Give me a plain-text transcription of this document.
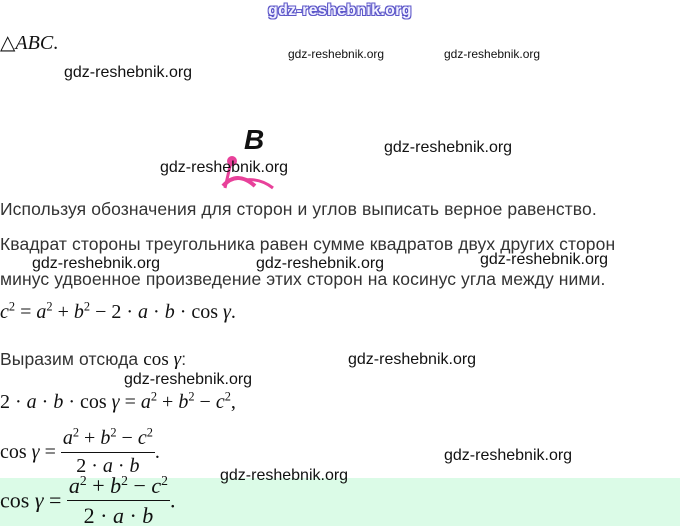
gdz-reshebnik.org
△ABC.
B
Используя обозначения для сторон и углов выписать верное равенство.
Квадрат стороны треугольника равен сумме квадратов двух других сторон
минус удвоенное произведение этих сторон на косинус угла между ними.
$c^2 = a^2 + b^2 - 2 \cdot a \cdot b \cdot \cos \gamma$.
Выразим отсюда cos γ:
$2 \cdot a \cdot b \cdot \cos \gamma = a^2 + b^2 - c^2$,
$\cos \gamma = \frac{a^2 + b^2 - c^2}{2 \cdot a \cdot b}$ .
$\cos \gamma = \frac{a^2 + b^2 - c^2}{2 \cdot a \cdot b}$ .
gdz-reshebnik.org	gdz-reshebnik.org
gdz-reshebnik.org
gdz-reshebnik.org
gdz-reshebnik.org
gdz-reshebnik.org	gdz-reshebnik.org	gdz-reshebnik.org
gdz-reshebnik.org
gdz-reshebnik.org
gdz-reshebnik.org
gdz-reshebnik.org
